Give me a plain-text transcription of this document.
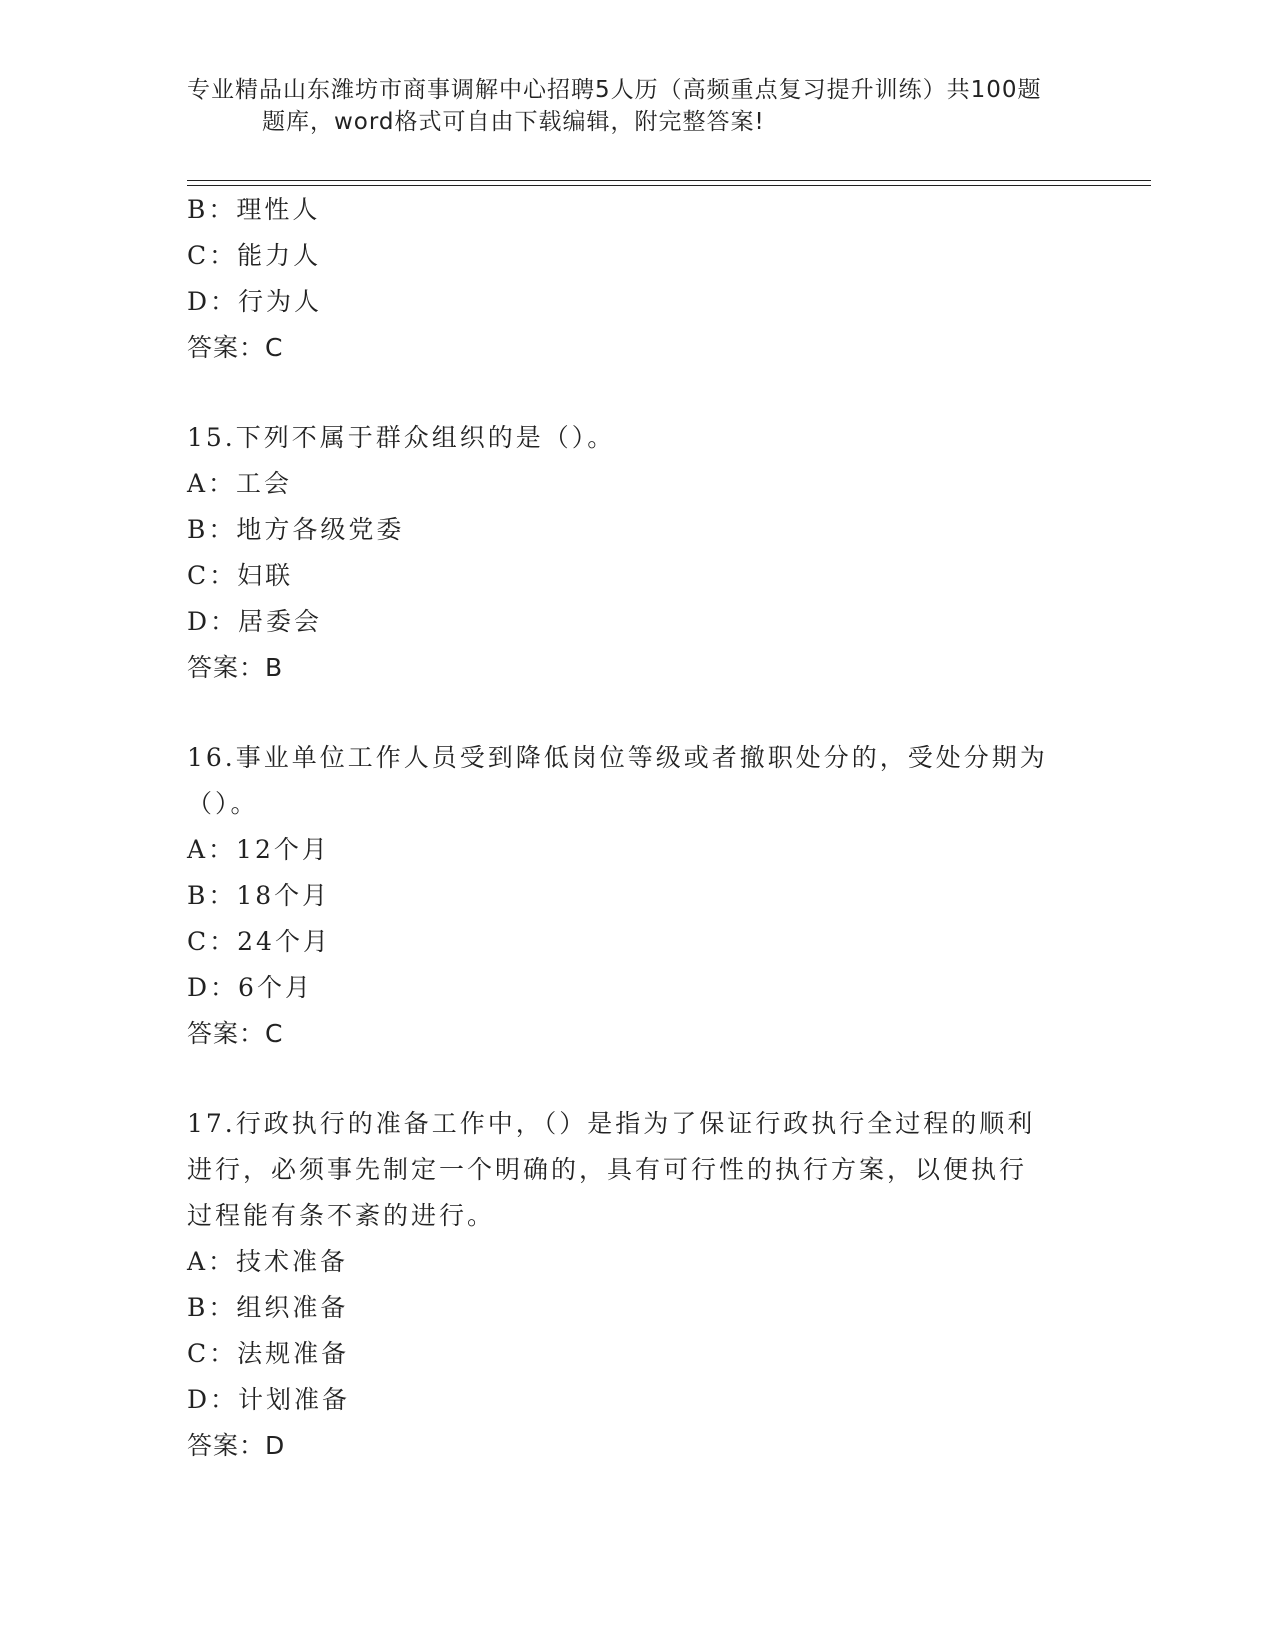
专业精品山东潍坊市商事调解中心招聘5人历（高频重点复习提升训练）共100题
题库，word格式可自由下载编辑，附完整答案!
B：理性人
C：能力人
D：行为人
答案：C
15.下列不属于群众组织的是（）。
A：工会
B：地方各级党委
C：妇联
D：居委会
答案：B
16.事业单位工作人员受到降低岗位等级或者撤职处分的，受处分期为
（）。
A：12个月
B：18个月
C：24个月
D：6个月
答案：C
17.行政执行的准备工作中，（）是指为了保证行政执行全过程的顺利
进行，必须事先制定一个明确的，具有可行性的执行方案，以便执行
过程能有条不紊的进行。
A：技术准备
B：组织准备
C：法规准备
D：计划准备
答案：D
